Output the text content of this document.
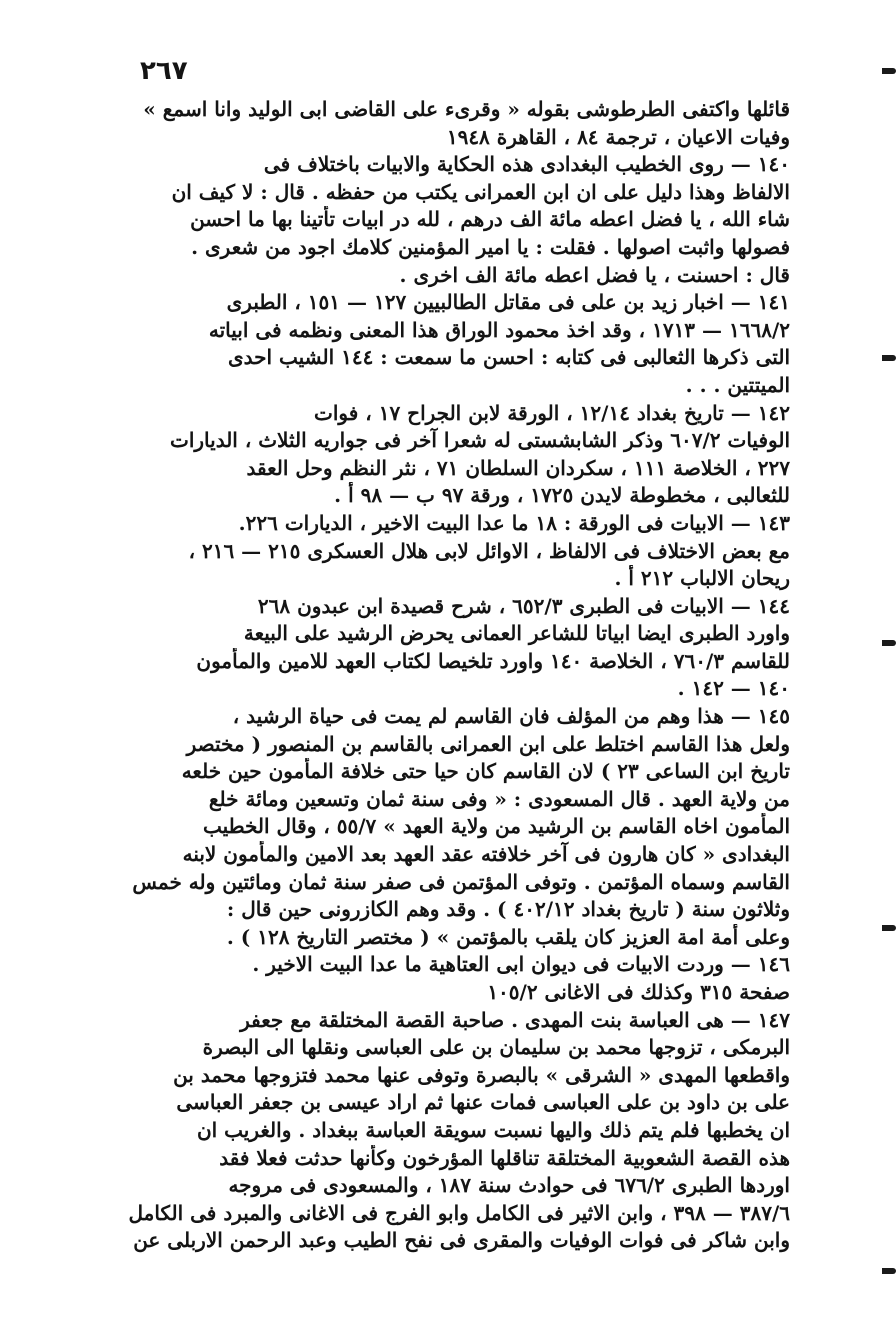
٢٦٧
قائلها واكتفى الطرطوشى بقوله « وقرىء على القاضى ابى الوليد وانا اسمع »
وفيات الاعيان ، ترجمة ٨٤ ، القاهرة ١٩٤٨
١٤٠ — روى الخطيب البغدادى هذه الحكاية والابيات باختلاف فى
الالفاظ وهذا دليل على ان ابن العمرانى يكتب من حفظه . قال : لا كيف ان
شاء الله ، يا فضل اعطه مائة الف درهم ، لله در ابيات تأتينا بها ما احسن
فصولها واثبت اصولها . فقلت : يا امير المؤمنين كلامك اجود من شعرى .
قال : احسنت ، يا فضل اعطه مائة الف اخرى .
١٤١ — اخبار زيد بن على فى مقاتل الطالبيين ١٢٧ — ١٥١ ، الطبرى
١٦٦٨/٢ — ١٧١٣ ، وقد اخذ محمود الوراق هذا المعنى ونظمه فى ابياته
التى ذكرها الثعالبى فى كتابه : احسن ما سمعت : ١٤٤ الشيب احدى
الميتتين . . .
١٤٢ — تاريخ بغداد ١٢/١٤ ، الورقة لابن الجراح ١٧ ، فوات
الوفيات ٦٠٧/٢ وذكر الشابشستى له شعرا آخر فى جواريه الثلاث ، الديارات
٢٢٧ ، الخلاصة ١١١ ، سكردان السلطان ٧١ ، نثر النظم وحل العقد
للثعالبى ، مخطوطة لايدن ١٧٢٥ ، ورقة ٩٧ ب — ٩٨ أ .
١٤٣ — الابيات فى الورقة : ١٨ ما عدا البيت الاخير ، الديارات ٢٢٦.
مع بعض الاختلاف فى الالفاظ ، الاوائل لابى هلال العسكرى ٢١٥ — ٢١٦ ،
ريحان الالباب ٢١٢ أ .
١٤٤ — الابيات فى الطبرى ٦٥٢/٣ ، شرح قصيدة ابن عبدون ٢٦٨
واورد الطبرى ايضا ابياتا للشاعر العمانى يحرض الرشيد على البيعة
للقاسم ٧٦٠/٣ ، الخلاصة ١٤٠ واورد تلخيصا لكتاب العهد للامين والمأمون
١٤٠ — ١٤٢ .
١٤٥ — هذا وهم من المؤلف فان القاسم لم يمت فى حياة الرشيد ،
ولعل هذا القاسم اختلط على ابن العمرانى بالقاسم بن المنصور ( مختصر
تاريخ ابن الساعى ٢٣ ) لان القاسم كان حيا حتى خلافة المأمون حين خلعه
من ولاية العهد . قال المسعودى : « وفى سنة ثمان وتسعين ومائة خلع
المأمون اخاه القاسم بن الرشيد من ولاية العهد » ٥٥/٧ ، وقال الخطيب
البغدادى « كان هارون فى آخر خلافته عقد العهد بعد الامين والمأمون لابنه
القاسم وسماه المؤتمن . وتوفى المؤتمن فى صفر سنة ثمان ومائتين وله خمس
وثلاثون سنة ( تاريخ بغداد ٤٠٢/١٢ ) . وقد وهم الكازرونى حين قال :
وعلى أمة امة العزيز كان يلقب بالمؤتمن » ( مختصر التاريخ ١٢٨ ) .
١٤٦ — وردت الابيات فى ديوان ابى العتاهية ما عدا البيت الاخير .
صفحة ٣١٥ وكذلك فى الاغانى ١٠٥/٢
١٤٧ — هى العباسة بنت المهدى . صاحبة القصة المختلقة مع جعفر
البرمكى ، تزوجها محمد بن سليمان بن على العباسى ونقلها الى البصرة
واقطعها المهدى « الشرقى » بالبصرة وتوفى عنها محمد فتزوجها محمد بن
على بن داود بن على العباسى فمات عنها ثم اراد عيسى بن جعفر العباسى
ان يخطبها فلم يتم ذلك واليها نسبت سويقة العباسة ببغداد . والغريب ان
هذه القصة الشعوبية المختلقة تناقلها المؤرخون وكأنها حدثت فعلا فقد
اوردها الطبرى ٦٧٦/٢ فى حوادث سنة ١٨٧ ، والمسعودى فى مروجه
٣٨٧/٦ — ٣٩٨ ، وابن الاثير فى الكامل وابو الفرج فى الاغانى والمبرد فى الكامل
وابن شاكر فى فوات الوفيات والمقرى فى نفح الطيب وعبد الرحمن الاربلى عن
